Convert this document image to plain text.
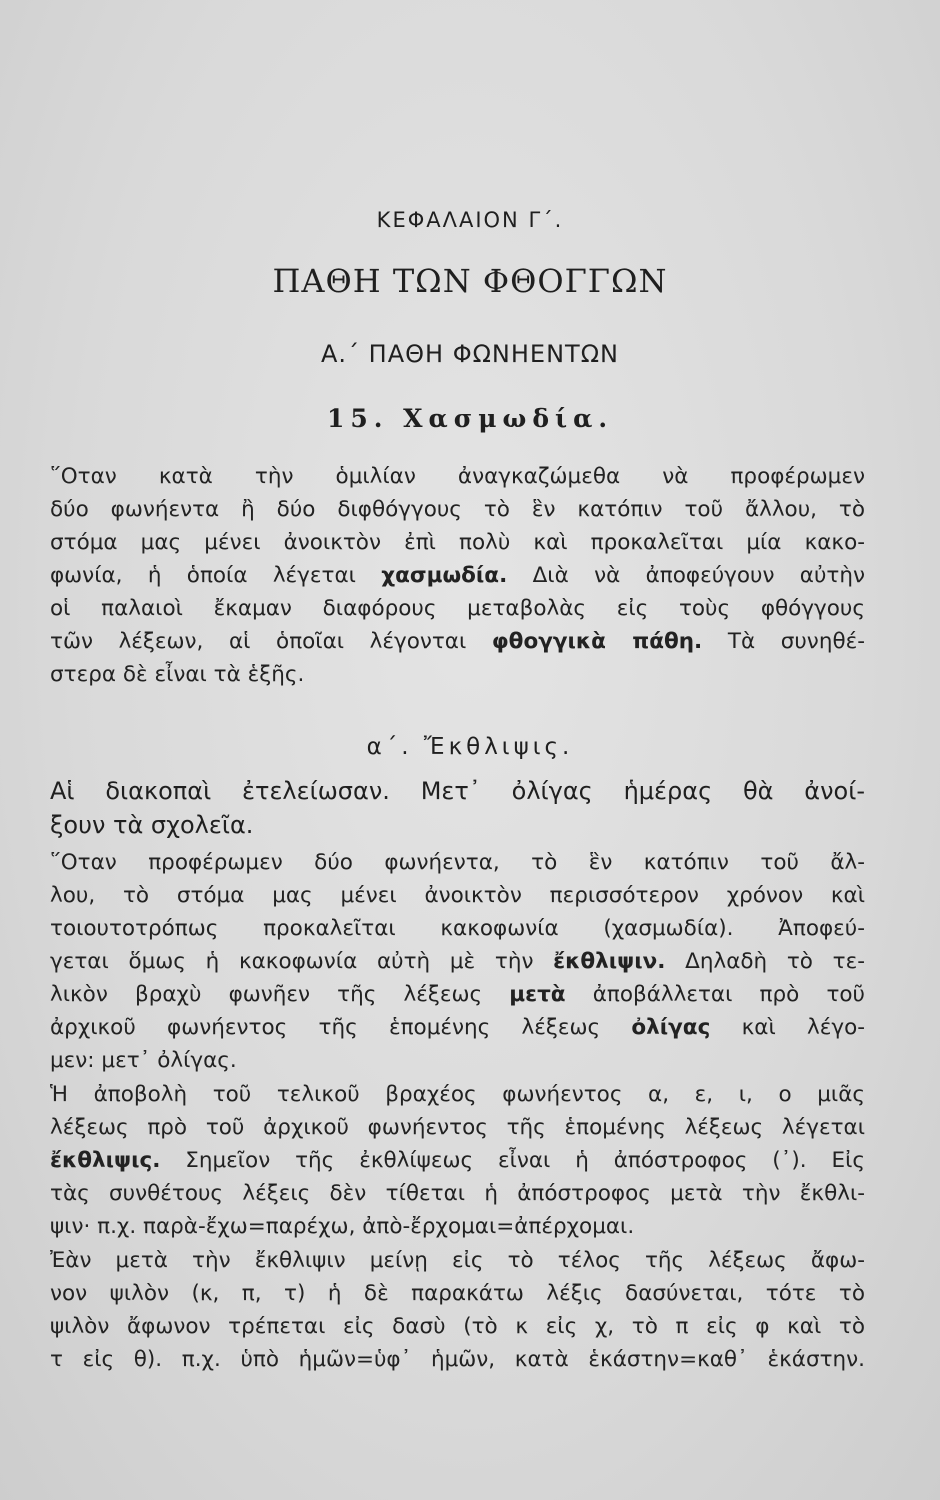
ΚΕΦΑΛΑΙΟΝ Γ΄.
ΠΑΘΗ ΤΩΝ ΦΘΟΓΓΩΝ
Α.΄ ΠΑΘΗ ΦΩΝΗΕΝΤΩΝ
15. Χασμωδία.
῞Οταν κατὰ τὴν ὁμιλίαν ἀναγκαζώμεθα νὰ προφέρωμεν
δύο φωνήεντα ἢ δύο διφθόγγους τὸ ἓν κατόπιν τοῦ ἄλλου, τὸ
στόμα μας μένει ἀνοικτὸν ἐπὶ πολὺ καὶ προκαλεῖται μία κακο-
φωνία, ἡ ὁποία λέγεται χασμωδία. Διὰ νὰ ἀποφεύγουν αὐτὴν
οἱ παλαιοὶ ἔκαμαν διαφόρους μεταβολὰς εἰς τοὺς φθόγγους
τῶν λέξεων, αἱ ὁποῖαι λέγονται φθογγικὰ πάθη. Τὰ συνηθέ-
στερα δὲ εἶναι τὰ ἑξῆς.
α΄. Ἔκθλιψις.
Αἱ διακοπαὶ ἐτελείωσαν. Μετ᾽ ὀλίγας ἡμέρας θὰ ἀνοί-
ξουν τὰ σχολεῖα.
῞Οταν προφέρωμεν δύο φωνήεντα, τὸ ἓν κατόπιν τοῦ ἄλ-
λου, τὸ στόμα μας μένει ἀνοικτὸν περισσότερον χρόνον καὶ
τοιουτοτρόπως προκαλεῖται κακοφωνία (χασμωδία). Ἀποφεύ-
γεται ὅμως ἡ κακοφωνία αὐτὴ μὲ τὴν ἔκθλιψιν. Δηλαδὴ τὸ τε-
λικὸν βραχὺ φωνῆεν τῆς λέξεως μετὰ ἀποβάλλεται πρὸ τοῦ
ἀρχικοῦ φωνήεντος τῆς ἑπομένης λέξεως ὀλίγας καὶ λέγο-
μεν: μετ᾽ ὀλίγας.
Ἡ ἀποβολὴ τοῦ τελικοῦ βραχέος φωνήεντος α, ε, ι, ο μιᾶς
λέξεως πρὸ τοῦ ἀρχικοῦ φωνήεντος τῆς ἑπομένης λέξεως λέγεται
ἔκθλιψις. Σημεῖον τῆς ἐκθλίψεως εἶναι ἡ ἀπόστροφος (᾽). Εἰς
τὰς συνθέτους λέξεις δὲν τίθεται ἡ ἀπόστροφος μετὰ τὴν ἔκθλι-
ψιν· π.χ. παρὰ-ἔχω=παρέχω, ἀπὸ-ἔρχομαι=ἀπέρχομαι.
Ἐὰν μετὰ τὴν ἔκθλιψιν μείνῃ εἰς τὸ τέλος τῆς λέξεως ἄφω-
νον ψιλὸν (κ, π, τ) ἡ δὲ παρακάτω λέξις δασύνεται, τότε τὸ
ψιλὸν ἄφωνον τρέπεται εἰς δασὺ (τὸ κ εἰς χ, τὸ π εἰς φ καὶ τὸ
τ εἰς θ). π.χ. ὑπὸ ἡμῶν=ὑφ᾽ ἡμῶν, κατὰ ἑκάστην=καθ᾽ ἑκάστην.
